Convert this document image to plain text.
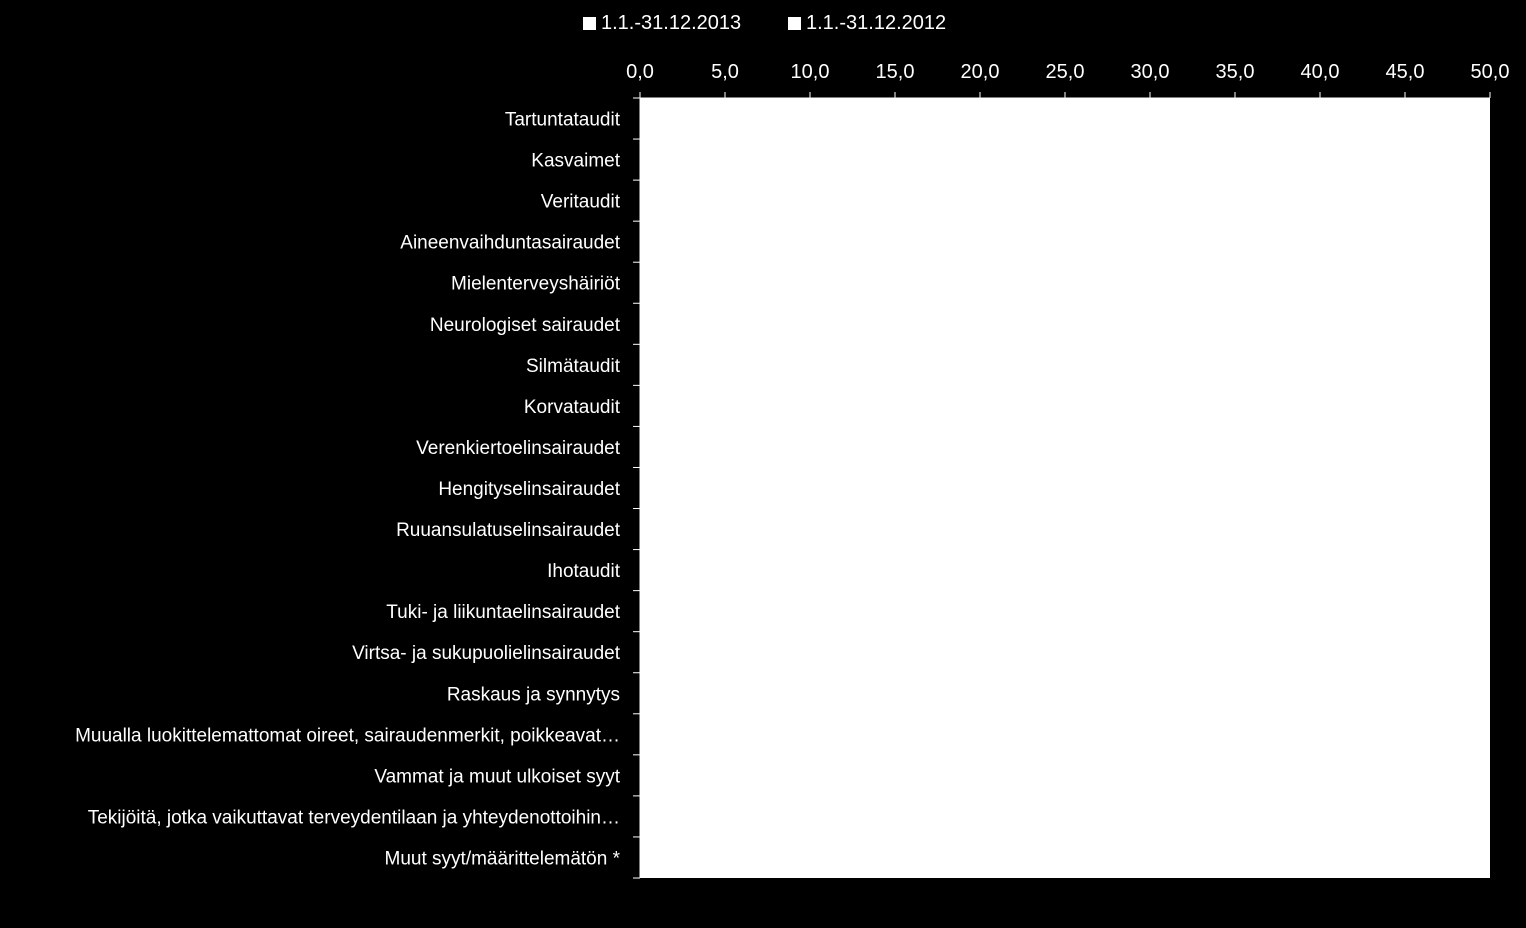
1.1.-31.12.2013	1.1.-31.12.2012
0,0	5,0	10,0 15,0 20,0 25,0 30,0 35,0 40,0 45,0 50,0
Tartuntataudit
Kasvaimet
Veritaudit
Aineenvaihduntasairaudet
Mielenterveyshäiriöt
Neurologiset sairaudet
Silmätaudit
Korvataudit
Verenkiertoelinsairaudet
Hengityselinsairaudet
Ruuansulatuselinsairaudet
Ihotaudit
Tuki- ja liikuntaelinsairaudet
Virtsa- ja sukupuolielinsairaudet
Raskaus ja synnytys
Muualla luokittelemattomat oireet, sairaudenmerkit, poikkeavat…
Vammat ja muut ulkoiset syyt
Tekijöitä, jotka vaikuttavat terveydentilaan ja yhteydenottoihin…
Muut syyt/määrittelemätön *
